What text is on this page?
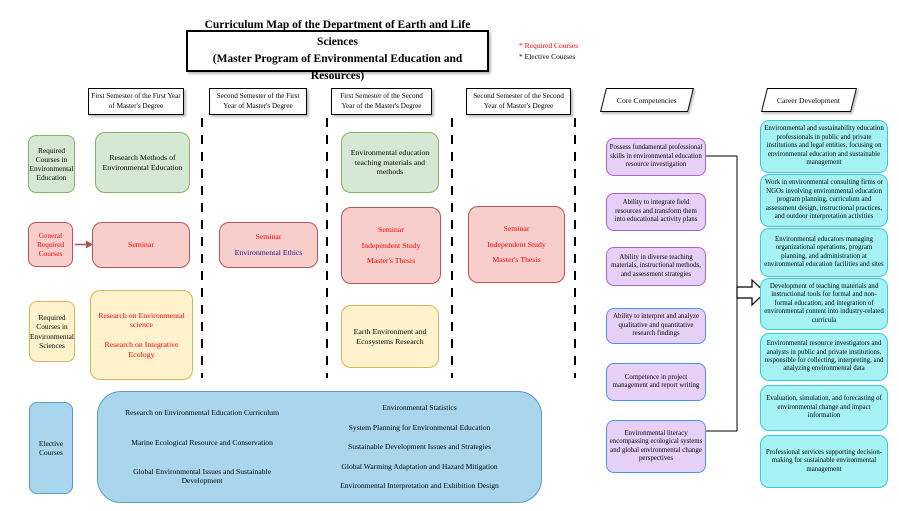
Curriculum Map of the Department of Earth and Life Sciences
(Master Program of Environmental Education and Resources)
* Required Courses
* Elective Courses
First Semester of the First Year of Master's Degree
Second Semester of the First Year of Master's Degree
First Semester of the Second Year of the Master's Degree
Second Semester of the Second Year of Master's Degree
Core Competencies	Career Development
Required Courses in Environmental Education
General Required Courses
Required Courses in Environmental Sciences
Elective Courses
Research Methods of Environmental Education
Seminar
Research on Environmental science
Research on Integrative Ecology
Seminar
Environmental Ethics
Environmental education teaching materials and methods
Seminar
Independent Study
Master's Thesis
Earth Environment and Ecosystems Research
Seminar
Independent Study
Master's Thesis
Research on Environmental Education Curriculum
Marine Ecological Resource and Conservation
Global Environmental Issues and Sustainable Development
Environmental Statistics
System Planning for Environmental Education
Sustainable Development Issues and Strategies
Global Warming Adaptation and Hazard Mitigation
Environmental Interpretation and Exhibition Design
Possess fundamental professional skills in environmental education resource investigation
Ability to integrate field resources and transform them into educational activity plans
Ability in diverse teaching materials, instructional methods, and assessment strategies
Ability to interpret and analyze qualitative and quantitative research findings
Competence in project management and report writing
Environmental literacy encompassing ecological systems and global environmental change perspectives
Environmental and sustainability education professionals in public and private institutions and legal entities, focusing on environmental education and sustainable management
Work in environmental consulting firms or NGOs involving environmental education program planning, curriculum and assessment design, instructional practices, and outdoor interpretation activities
Environmental educators managing organizational operations, program planning, and administration at environmental education facilities and sites
Development of teaching materials and instructional tools for formal and non-formal education, and integration of environmental content into industry-related curricula
Environmental resource investigators and analysts in public and private institutions, responsible for collecting, interpreting, and analyzing environmental data
Evaluation, simulation, and forecasting of environmental change and impact information
Professional services supporting decision-making for sustainable environmental management
